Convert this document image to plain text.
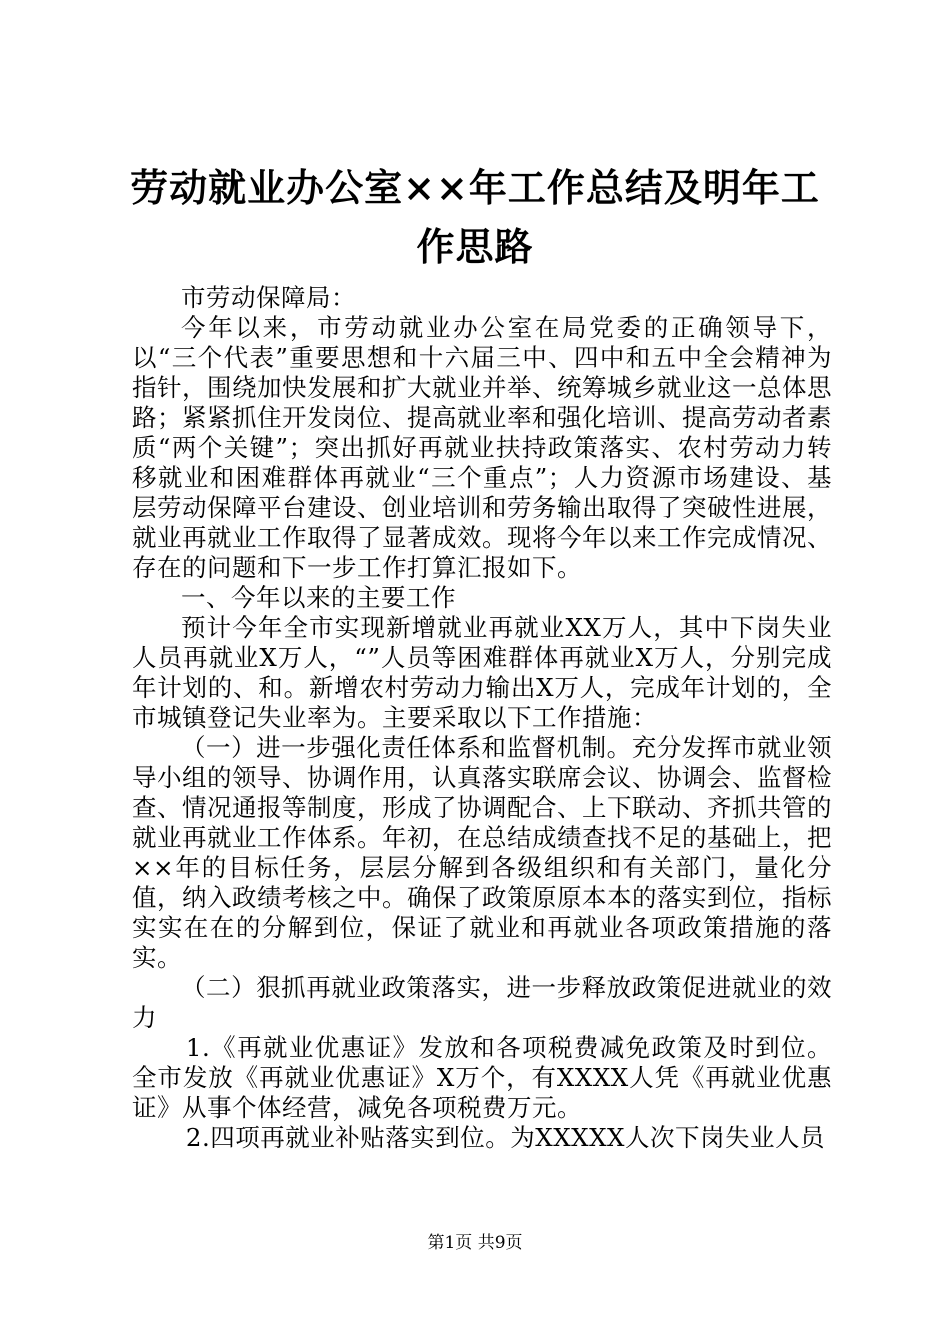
劳动就业办公室××年工作总结及明年工作思路

市劳动保障局：

今年以来，市劳动就业办公室在局党委的正确领导下，以“三个代表”重要思想和十六届三中、四中和五中全会精神为指针，围绕加快发展和扩大就业并举、统筹城乡就业这一总体思路；紧紧抓住开发岗位、提高就业率和强化培训、提高劳动者素质“两个关键”；突出抓好再就业扶持政策落实、农村劳动力转移就业和困难群体再就业“三个重点”；人力资源市场建设、基层劳动保障平台建设、创业培训和劳务输出取得了突破性进展，就业再就业工作取得了显著成效。现将今年以来工作完成情况、存在的问题和下一步工作打算汇报如下。

一、今年以来的主要工作

预计今年全市实现新增就业再就业XX万人，其中下岗失业人员再就业X万人，“”人员等困难群体再就业X万人，分别完成年计划的、和。新增农村劳动力输出X万人，完成年计划的，全市城镇登记失业率为。主要采取以下工作措施：

（一）进一步强化责任体系和监督机制。充分发挥市就业领导小组的领导、协调作用，认真落实联席会议、协调会、监督检查、情况通报等制度，形成了协调配合、上下联动、齐抓共管的就业再就业工作体系。年初，在总结成绩查找不足的基础上，把××年的目标任务，层层分解到各级组织和有关部门，量化分值，纳入政绩考核之中。确保了政策原原本本的落实到位，指标实实在在的分解到位，保证了就业和再就业各项政策措施的落实。

（二）狠抓再就业政策落实，进一步释放政策促进就业的效力

1.《再就业优惠证》发放和各项税费减免政策及时到位。全市发放《再就业优惠证》X万个，有XXXX人凭《再就业优惠证》从事个体经营，减免各项税费万元。

2.四项再就业补贴落实到位。为XXXXX人次下岗失业人员

第1页 共9页
